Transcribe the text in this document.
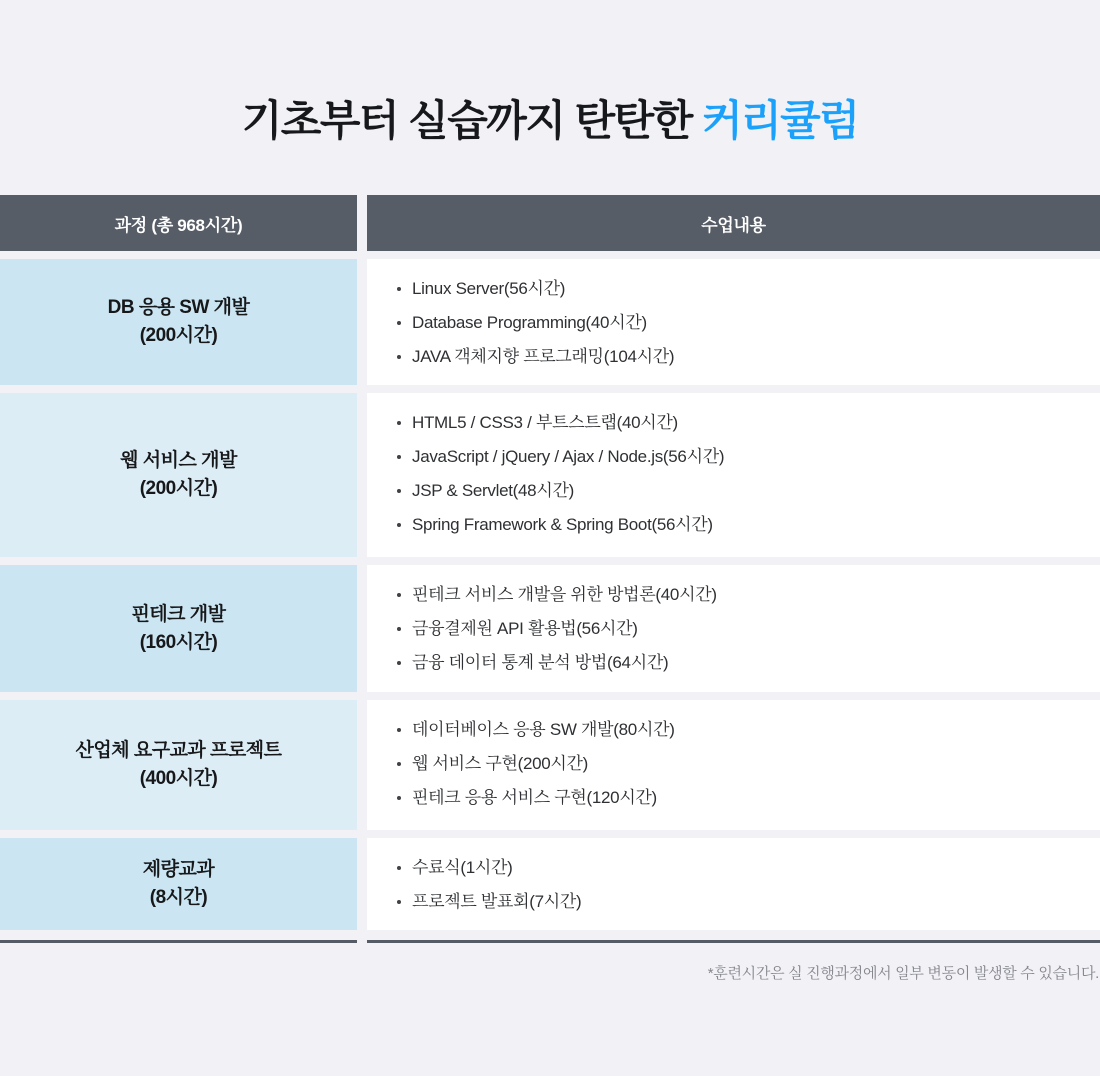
기초부터 실습까지 탄탄한 커리큘럼
과정 (총 968시간)	수업내용
DB 응용 SW 개발
(200시간)
Linux Server(56시간)
Database Programming(40시간)
JAVA 객체지향 프로그래밍(104시간)
웹 서비스 개발
(200시간)
HTML5 / CSS3 / 부트스트랩(40시간)
JavaScript / jQuery / Ajax / Node.js(56시간)
JSP & Servlet(48시간)
Spring Framework & Spring Boot(56시간)
핀테크 개발
(160시간)
핀테크 서비스 개발을 위한 방법론(40시간)
금융결제원 API 활용법(56시간)
금융 데이터 통계 분석 방법(64시간)
산업체 요구교과 프로젝트
(400시간)
데이터베이스 응용 SW 개발(80시간)
웹 서비스 구현(200시간)
핀테크 응용 서비스 구현(120시간)
제량교과
(8시간)
수료식(1시간)
프로젝트 발표회(7시간)

*훈련시간은 실 진행과정에서 일부 변동이 발생할 수 있습니다.
